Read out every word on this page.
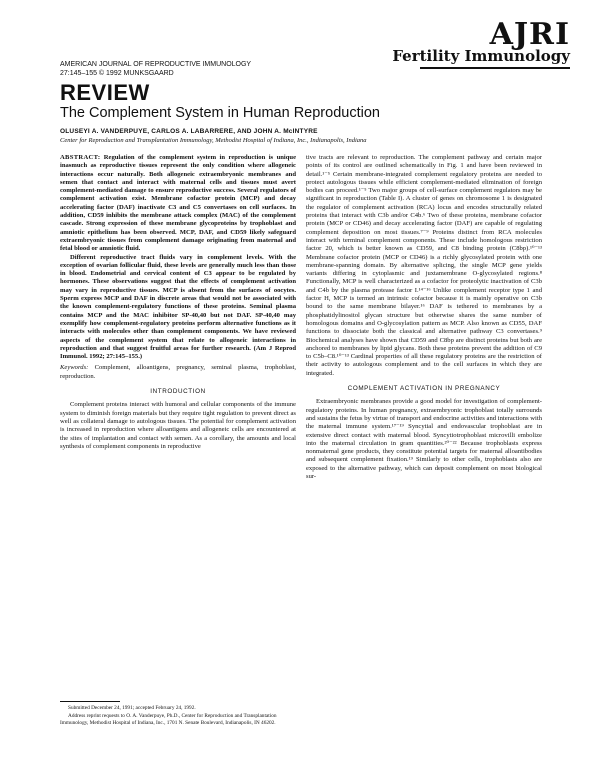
AJRI
Fertility Immunology
AMERICAN JOURNAL OF REPRODUCTIVE IMMUNOLOGY
27:145–155 © 1992 MUNKSGAARD
REVIEW
The Complement System in Human Reproduction
OLUSEYI A. VANDERPUYE, CARLOS A. LABARRERE, AND JOHN A. McINTYRE
Center for Reproduction and Transplantation Immunology, Methodist Hospital of Indiana, Inc., Indianapolis, Indiana

ABSTRACT: Regulation of the complement system in reproduction is unique inasmuch as reproductive tissues represent the only condition where allogeneic interactions occur naturally. Both allogeneic extraembryonic membranes and semen that contact and interact with maternal cells and tissues must avert complement-mediated damage to ensure reproductive success. Several regulators of complement activation exist. Membrane cofactor protein (MCP) and decay accelerating factor (DAF) inactivate C3 and C5 convertases on cell surfaces. In addition, CD59 inhibits the membrane attack complex (MAC) of the complement cascade. Strong expression of these membrane glycoproteins by trophoblast and amniotic epithelium has been observed. MCP, DAF, and CD59 likely safeguard extraembryonic tissues from complement damage originating from maternal and fetal blood or amniotic fluid.

Different reproductive tract fluids vary in complement levels. With the exception of ovarian follicular fluid, these levels are generally much less than those in blood. Endometrial and cervical content of C3 appear to be regulated by hormones. These observations suggest that the effects of complement activation may vary in reproductive tissues. MCP is absent from the surfaces of oocytes. Sperm express MCP and DAF in discrete areas that would not be associated with the known complement-regulatory functions of these proteins. Seminal plasma contains MCP and the MAC inhibitor SP-40,40 but not DAF. SP-40,40 may exemplify how complement-regulatory proteins perform alternative functions as it interacts with molecules other than complement components. We have reviewed aspects of the complement system that relate to allogeneic interactions in reproduction and that suggest fruitful areas for further research. (Am J Reprod Immunol. 1992; 27:145–155.)

Keywords: Complement, alloantigens, pregnancy, seminal plasma, trophoblast, reproduction.

INTRODUCTION

Complement proteins interact with humoral and cellular components of the immune system to diminish foreign materials but they require tight regulation to prevent direct as well as collateral damage to autologous tissues. The potential for complement activation is increased in reproduction where alloantigens and allogeneic cells are encountered at the sites of implantation and contact with semen. As a corollary, the amounts and local synthesis of complement components in reproductive

Submitted December 24, 1991; accepted February 24, 1992.

Address reprint requests to O. A. Vanderpuye, Ph.D., Center for Reproduction and Transplantation Immunology, Methodist Hospital of Indiana, Inc., 1701 N. Senate Boulevard, Indianapolis, IN 46202.

tive tracts are relevant to reproduction. The complement pathway and certain major points of its control are outlined schematically in Fig. 1 and have been reviewed in detail.¹⁻⁵ Certain membrane-integrated complement regulatory proteins are needed to protect autologous tissues while efficient complement-mediated elimination of foreign bodies can proceed.¹⁻⁵ Two major groups of cell-surface complement regulators may be significant in reproduction (Table I). A cluster of genes on chromosome 1 is designated the regulator of complement activation (RCA) locus and encodes structurally related proteins that interact with C3b and/or C4b.⁶ Two of these proteins, membrane cofactor protein (MCP or CD46) and decay accelerating factor (DAF) are capable of regulating complement deposition on most tissues.⁷⁻⁹ Proteins distinct from RCA molecules interact with terminal complement components. These include homologous restriction factor 20, which is better known as CD59, and C8 binding protein (C8bp).¹⁰⁻¹³ Membrane cofactor protein (MCP or CD46) is a richly glycosylated protein with one membrane-spanning domain. By alternative splicing, the single MCP gene yields variants differing in cytoplasmic and juxtamembrane O-glycosylated regions.⁸ Functionally, MCP is well characterized as a cofactor for proteolytic inactivation of C3b and C4b by the plasma protease factor I.¹⁴⁻¹⁶ Unlike complement receptor type 1 and factor H, MCP is termed an intrinsic cofactor because it is mainly operative on C3b bound to the same membrane bilayer.¹⁶ DAF is tethered to membranes by a phosphatidylinositol glycan structure but otherwise shares the same number of homologous domains and O-glycosylation pattern as MCP. Also known as CD55, DAF functions to dissociate both the classical and alternative pathway C3 convertases.⁹ Biochemical analyses have shown that CD59 and C8bp are distinct proteins but both are anchored to membranes by lipid glycans. Both these proteins prevent the addition of C9 to C5b–C8.¹⁰⁻¹³ Cardinal properties of all these regulatory proteins are the restriction of their activity to autologous complement and to the cell surfaces in which they are integrated.

COMPLEMENT ACTIVATION IN PREGNANCY

Extraembryonic membranes provide a good model for investigation of complement-regulatory proteins. In human pregnancy, extraembryonic trophoblast totally surrounds and sustains the fetus by virtue of transport and endocrine activities and interactions with the maternal immune system.¹⁷⁻¹⁹ Syncytial and endovascular trophoblast are in extensive direct contact with maternal blood. Syncytiotrophoblast microvilli embolize into the maternal circulation in gram quantities.²⁰⁻²² Because trophoblasts express nonmaternal gene products, they constitute potential targets for maternal alloantibodies and subsequent complement fixation.¹⁹ Similarly to other cells, trophoblasts also are exposed to the alternative pathway, which can deposit complement on most biological sur-
